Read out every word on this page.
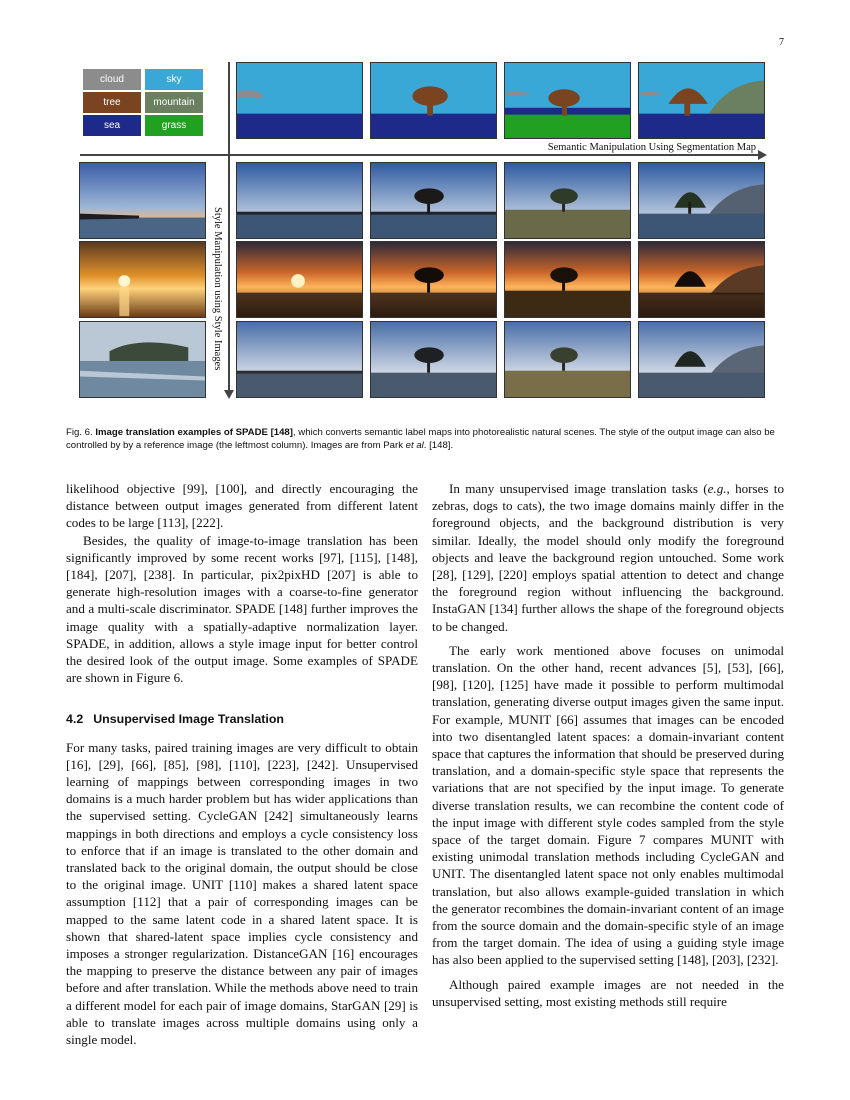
7
cloud	sky
tree	mountain
sea	grass
Semantic Manipulation Using Segmentation Map
Style Manipulation using Style Images
Fig. 6. Image translation examples of SPADE [148], which converts semantic label maps into photorealistic natural scenes. The style of the output image can also be controlled by by a reference image (the leftmost column). Images are from Park et al. [148].

likelihood objective [99], [100], and directly encouraging the distance between output images generated from different latent codes to be large [113], [222].

Besides, the quality of image-to-image translation has been significantly improved by some recent works [97], [115], [148], [184], [207], [238]. In particular, pix2pixHD [207] is able to generate high-resolution images with a coarse-to-fine generator and a multi-scale discriminator. SPADE [148] further improves the image quality with a spatially-adaptive normalization layer. SPADE, in addition, allows a style image input for better control the desired look of the output image. Some examples of SPADE are shown in Figure 6.

4.2 Unsupervised Image Translation

For many tasks, paired training images are very difficult to obtain [16], [29], [66], [85], [98], [110], [223], [242]. Unsupervised learning of mappings between corresponding images in two domains is a much harder problem but has wider applications than the supervised setting. CycleGAN [242] simultaneously learns mappings in both directions and employs a cycle consistency loss to enforce that if an image is translated to the other domain and translated back to the original domain, the output should be close to the original image. UNIT [110] makes a shared latent space assumption [112] that a pair of corresponding images can be mapped to the same latent code in a shared latent space. It is shown that shared-latent space implies cycle consistency and imposes a stronger regularization. DistanceGAN [16] encourages the mapping to preserve the distance between any pair of images before and after translation. While the methods above need to train a different model for each pair of image domains, StarGAN [29] is able to translate images across multiple domains using only a single model.

In many unsupervised image translation tasks (e.g., horses to zebras, dogs to cats), the two image domains mainly differ in the foreground objects, and the background distribution is very similar. Ideally, the model should only modify the foreground objects and leave the background region untouched. Some work [28], [129], [220] employs spatial attention to detect and change the foreground region without influencing the background. InstaGAN [134] further allows the shape of the foreground objects to be changed.

The early work mentioned above focuses on unimodal translation. On the other hand, recent advances [5], [53], [66], [98], [120], [125] have made it possible to perform multimodal translation, generating diverse output images given the same input. For example, MUNIT [66] assumes that images can be encoded into two disentangled latent spaces: a domain-invariant content space that captures the information that should be preserved during translation, and a domain-specific style space that represents the variations that are not specified by the input image. To generate diverse translation results, we can recombine the content code of the input image with different style codes sampled from the style space of the target domain. Figure 7 compares MUNIT with existing unimodal translation methods including CycleGAN and UNIT. The disentangled latent space not only enables multimodal translation, but also allows example-guided translation in which the generator recombines the domain-invariant content of an image from the source domain and the domain-specific style of an image from the target domain. The idea of using a guiding style image has also been applied to the supervised setting [148], [203], [232].

Although paired example images are not needed in the unsupervised setting, most existing methods still require
